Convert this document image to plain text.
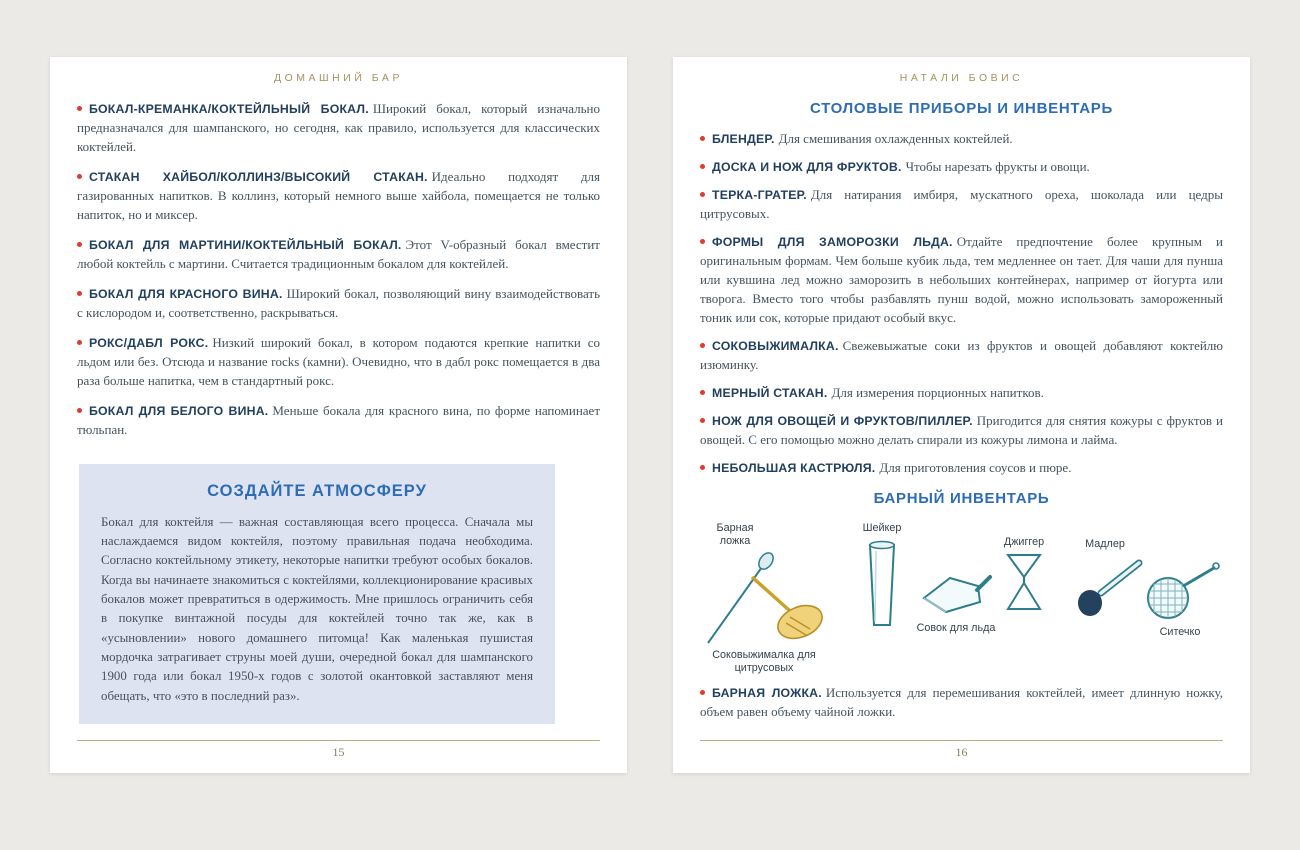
ДОМАШНИЙ БАР

БОКАЛ-КРЕМАНКА/КОКТЕЙЛЬНЫЙ БОКАЛ. Широкий бокал, который изначально предназначался для шампанского, но сегодня, как правило, используется для классических коктейлей.

СТАКАН ХАЙБОЛ/КОЛЛИНЗ/ВЫСОКИЙ СТАКАН. Идеально подходят для газированных напитков. В коллинз, который немного выше хайбола, помещается не только напиток, но и миксер.

БОКАЛ ДЛЯ МАРТИНИ/КОКТЕЙЛЬНЫЙ БОКАЛ. Этот V-образный бокал вместит любой коктейль с мартини. Считается традиционным бокалом для коктейлей.

БОКАЛ ДЛЯ КРАСНОГО ВИНА. Широкий бокал, позволяющий вину взаимодействовать с кислородом и, соответственно, раскрываться.

РОКС/ДАБЛ РОКС. Низкий широкий бокал, в котором подаются крепкие напитки со льдом или без. Отсюда и название rocks (камни). Очевидно, что в дабл рокс помещается в два раза больше напитка, чем в стандартный рокс.

БОКАЛ ДЛЯ БЕЛОГО ВИНА. Меньше бокала для красного вина, по форме напоминает тюльпан.

СОЗДАЙТЕ АТМОСФЕРУ
Бокал для коктейля — важная составляющая всего процесса. Сначала мы наслаждаемся видом коктейля, поэтому правильная подача необходима. Согласно коктейльному этикету, некоторые напитки требуют особых бокалов. Когда вы начинаете знакомиться с коктейлями, коллекционирование красивых бокалов может превратиться в одержимость. Мне пришлось ограничить себя в покупке винтажной посуды для коктейлей точно так же, как в «усыновлении» нового домашнего питомца! Как маленькая пушистая мордочка затрагивает струны моей души, очередной бокал для шампанского 1900 года или бокал 1950-х годов с золотой окантовкой заставляют меня обещать, что «это в последний раз».
15
НАТАЛИ БОВИС
СТОЛОВЫЕ ПРИБОРЫ И ИНВЕНТАРЬ

БЛЕНДЕР. Для смешивания охлажденных коктейлей.

ДОСКА И НОЖ ДЛЯ ФРУКТОВ. Чтобы нарезать фрукты и овощи.

ТЕРКА-ГРАТЕР. Для натирания имбиря, мускатного ореха, шоколада или цедры цитрусовых.

ФОРМЫ ДЛЯ ЗАМОРОЗКИ ЛЬДА. Отдайте предпочтение более крупным и оригинальным формам. Чем больше кубик льда, тем медленнее он тает. Для чаши для пунша или кувшина лед можно заморозить в небольших контейнерах, например от йогурта или творога. Вместо того чтобы разбавлять пунш водой, можно использовать замороженный тоник или сок, которые придают особый вкус.

СОКОВЫЖИМАЛКА. Свежевыжатые соки из фруктов и овощей добавляют коктейлю изюминку.

МЕРНЫЙ СТАКАН. Для измерения порционных напитков.

НОЖ ДЛЯ ОВОЩЕЙ И ФРУКТОВ/ПИЛЛЕР. Пригодится для снятия кожуры с фруктов и овощей. С его помощью можно делать спирали из кожуры лимона и лайма.

НЕБОЛЬШАЯ КАСТРЮЛЯ. Для приготовления соусов и пюре.

БАРНЫЙ ИНВЕНТАРЬ
Барная ложка
Соковыжималка для цитрусовых
Шейкер
Совок для льда
Джиггер	Мадлер
Ситечко

БАРНАЯ ЛОЖКА. Используется для перемешивания коктейлей, имеет длинную ножку, объем равен объему чайной ложки.

16
